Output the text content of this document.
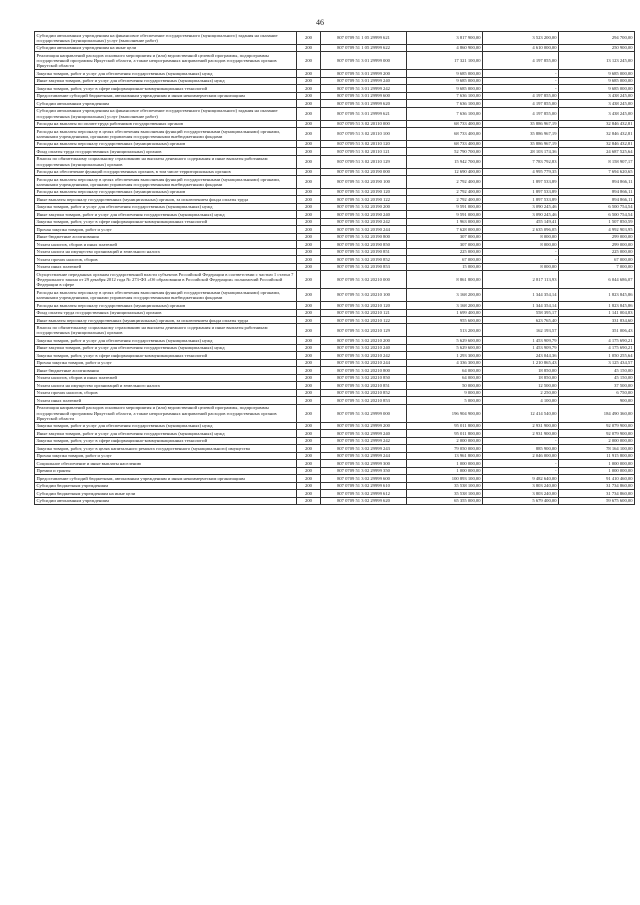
46
Субсидии автономным учреждениям на финансовое обеспечение государственного (муниципального) задания на оказание государственных (муниципальных) услуг (выполнение работ)	200	807 0709 51 1 05 29999 621	3 817 900,00	3 523 200,00	294 700,00
Субсидии автономным учреждениям на иные цели	200	807 0709 51 1 05 29999 622	4 860 900,00	4 610 000,00	250 900,00
Реализация направлений расходов основного мероприятия и (или) ведомственной целевой программы, подпрограммы государственной программы Иркутской области, а также непрограммных направлений расходов государственных органов Иркутской области	200	807 0709 51 3 01 29999 000	17 321 100,00	4 197 855,00	13 123 245,00
Закупка товаров, работ и услуг для обеспечения государственных (муниципальных) нужд	200	807 0709 51 3 01 29999 200	9 685 000,00	-	9 685 000,00
Иные закупки товаров, работ и услуг для обеспечения государственных (муниципальных) нужд	200	807 0709 51 3 01 29999 240	9 685 000,00	-	9 685 000,00
Закупка товаров, работ, услуг в сфере информационно-коммуникационных технологий	200	807 0709 51 3 01 29999 242	9 685 000,00	-	9 685 000,00
Предоставление субсидий бюджетным, автономным учреждениям и иным некоммерческим организациям	200	807 0709 51 3 01 29999 600	7 636 100,00	4 197 855,00	3 438 245,00
Субсидии автономным учреждениям	200	807 0709 51 3 01 29999 620	7 636 100,00	4 197 855,00	3 438 245,00
Субсидии автономным учреждениям на финансовое обеспечение государственного (муниципального) задания на оказание государственных (муниципальных) услуг (выполнение работ)	200	807 0709 51 3 01 29999 621	7 636 100,00	4 197 855,00	3 438 245,00
Расходы на выплаты по оплате труда работников государственных органов	200	807 0709 51 3 02 20110 000	68 733 400,00	35 886 967,19	32 846 432,81
Расходы на выплаты персоналу в целях обеспечения выполнения функций государственными (муниципальными) органами, казенными учреждениями, органами управления государственными внебюджетными фондами	200	807 0709 51 3 02 20110 100	68 733 400,00	35 886 967,19	32 846 432,81
Расходы на выплаты персоналу государственных (муниципальных) органов	200	807 0709 51 3 02 20110 120	68 733 400,00	35 886 967,19	32 846 432,81
Фонд оплаты труда государственных (муниципальных) органов	200	807 0709 51 3 02 20110 121	52 790 700,00	28 103 174,36	24 687 525,64
Взносы по обязательному социальному страхованию на выплаты денежного содержания и иные выплаты работникам государственных (муниципальных) органов	200	807 0709 51 3 02 20110 129	15 942 700,00	7 783 792,83	8 158 907,17
Расходы на обеспечение функций государственных органов, в том числе территориальных органов	200	807 0709 51 3 02 20190 000	12 690 400,00	4 995 779,35	7 694 620,65
Расходы на выплаты персоналу в целях обеспечения выполнения функций государственными (муниципальными) органами, казенными учреждениями, органами управления государственными внебюджетными фондами	200	807 0709 51 3 02 20190 100	2 792 400,00	1 897 533,89	894 866,11
Расходы на выплаты персоналу государственных (муниципальных) органов	200	807 0709 51 3 02 20190 120	2 792 400,00	1 897 533,89	894 866,11
Иные выплаты персоналу государственных (муниципальных) органов, за исключением фонда оплаты труда	200	807 0709 51 3 02 20190 122	2 792 400,00	1 897 533,89	894 866,11
Закупка товаров, работ и услуг для обеспечения государственных (муниципальных) нужд	200	807 0709 51 3 02 20190 200	9 591 000,00	3 090 245,46	6 500 754,54
Иные закупки товаров, работ и услуг для обеспечения государственных (муниципальных) нужд	200	807 0709 51 3 02 20190 240	9 591 000,00	3 090 245,46	6 500 754,54
Закупка товаров, работ, услуг в сфере информационно-коммуникационных технологий	200	807 0709 51 3 02 20190 242	1 963 000,00	455 149,41	1 507 850,59
Прочая закупка товаров, работ и услуг	200	807 0709 51 3 02 20190 244	7 628 000,00	2 635 096,05	4 992 903,95
Иные бюджетные ассигнования	200	807 0709 51 3 02 20190 800	307 000,00	8 000,00	299 000,00
Уплата налогов, сборов и иных платежей	200	807 0709 51 3 02 20190 850	307 000,00	8 000,00	299 000,00
Уплата налога на имущество организаций и земельного налога	200	807 0709 51 3 02 20190 851	225 000,00	-	225 000,00
Уплата прочих налогов, сборов	200	807 0709 51 3 02 20190 852	67 000,00	-	67 000,00
Уплата иных платежей	200	807 0709 51 3 02 20190 853	15 000,00	8 000,00	7 000,00
Осуществление переданных органам государственной власти субъектов Российской Федерации в соответствии с частью 1 статьи 7 Федерального закона от 29 декабря 2012 года № 273-ФЗ «Об образовании в Российской Федерации» полномочий Российской Федерации в сфере	200	807 0709 51 3 02 20210 000	8 861 800,00	2 817 113,93	6 044 686,07
Расходы на выплаты персоналу в целях обеспечения выполнения функций государственными (муниципальными) органами, казенными учреждениями, органами управления государственными внебюджетными фондами	200	807 0709 51 3 02 20210 100	3 168 200,00	1 344 354,14	1 823 845,86
Расходы на выплаты персоналу государственных (муниципальных) органов	200	807 0709 51 3 02 20210 120	3 168 200,00	1 344 354,14	1 823 845,86
Фонд оплаты труда государственных (муниципальных) органов	200	807 0709 51 3 02 20210 121	1 699 400,00	558 395,17	1 141 004,83
Иные выплаты персоналу государственных (муниципальных) органов, за исключением фонда оплаты труда	200	807 0709 51 3 02 20210 122	955 600,00	623 765,40	331 834,60
Взносы по обязательному социальному страхованию на выплаты денежного содержания и иные выплаты работникам государственных (муниципальных) органов	200	807 0709 51 3 02 20210 129	513 200,00	162 193,57	351 006,43
Закупка товаров, работ и услуг для обеспечения государственных (муниципальных) нужд	200	807 0709 51 3 02 20210 200	5 629 600,00	1 453 909,79	4 175 690,21
Иные закупки товаров, работ и услуг для обеспечения государственных (муниципальных) нужд	200	807 0709 51 3 02 20210 240	5 629 600,00	1 453 909,79	4 175 690,21
Закупка товаров, работ, услуг в сфере информационно-коммуникационных технологий	200	807 0709 51 3 02 20210 242	1 293 300,00	243 044,36	1 050 255,64
Прочая закупка товаров, работ и услуг	200	807 0709 51 3 02 20210 244	4 336 300,00	1 210 865,43	3 125 434,57
Иные бюджетные ассигнования	200	807 0709 51 3 02 20210 800	64 000,00	18 850,00	45 150,00
Уплата налогов, сборов и иных платежей	200	807 0709 51 3 02 20210 850	64 000,00	18 850,00	45 150,00
Уплата налога на имущество организаций и земельного налога	200	807 0709 51 3 02 20210 851	50 000,00	12 500,00	37 500,00
Уплата прочих налогов, сборов	200	807 0709 51 3 02 20210 852	9 000,00	2 250,00	6 750,00
Уплата иных платежей	200	807 0709 51 3 02 20210 853	5 000,00	4 100,00	900,00
Реализация направлений расходов основного мероприятия и (или) ведомственной целевой программы, подпрограммы государственной программы Иркутской области, а также непрограммных направлений расходов государственных органов Иркутской области	200	807 0709 51 3 02 29999 000	196 904 900,00	12 414 540,00	184 490 360,00
Закупка товаров, работ и услуг для обеспечения государственных (муниципальных) нужд	200	807 0709 51 3 02 29999 200	95 011 800,00	2 931 900,00	92 079 900,00
Иные закупки товаров, работ и услуг для обеспечения государственных (муниципальных) нужд	200	807 0709 51 3 02 29999 240	95 011 800,00	2 931 900,00	92 079 900,00
Закупка товаров, работ, услуг в сфере информационно-коммуникационных технологий	200	807 0709 51 3 02 29999 242	2 000 000,00	-	2 000 000,00
Закупка товаров, работ, услуг в целях капитального ремонта государственного (муниципального) имущества	200	807 0709 51 3 02 29999 243	79 050 000,00	885 900,00	78 164 100,00
Прочая закупка товаров, работ и услуг	200	807 0709 51 3 02 29999 244	13 961 800,00	2 046 000,00	11 915 800,00
Социальное обеспечение и иные выплаты населению	200	807 0709 51 3 02 29999 300	1 000 000,00	-	1 000 000,00
Премии и гранты	200	807 0709 51 3 02 29999 350	1 000 000,00	-	1 000 000,00
Предоставление субсидий бюджетным, автономным учреждениям и иным некоммерческим организациям	200	807 0709 51 3 02 29999 600	100 893 100,00	9 482 640,00	91 410 460,00
Субсидии бюджетным учреждениям	200	807 0709 51 3 02 29999 610	35 538 100,00	3 803 240,00	31 734 860,00
Субсидии бюджетным учреждениям на иные цели	200	807 0709 51 3 02 29999 612	35 538 100,00	3 803 240,00	31 734 860,00
Субсидии автономным учреждениям	200	807 0709 51 3 02 29999 620	65 355 000,00	5 679 400,00	59 675 600,00
